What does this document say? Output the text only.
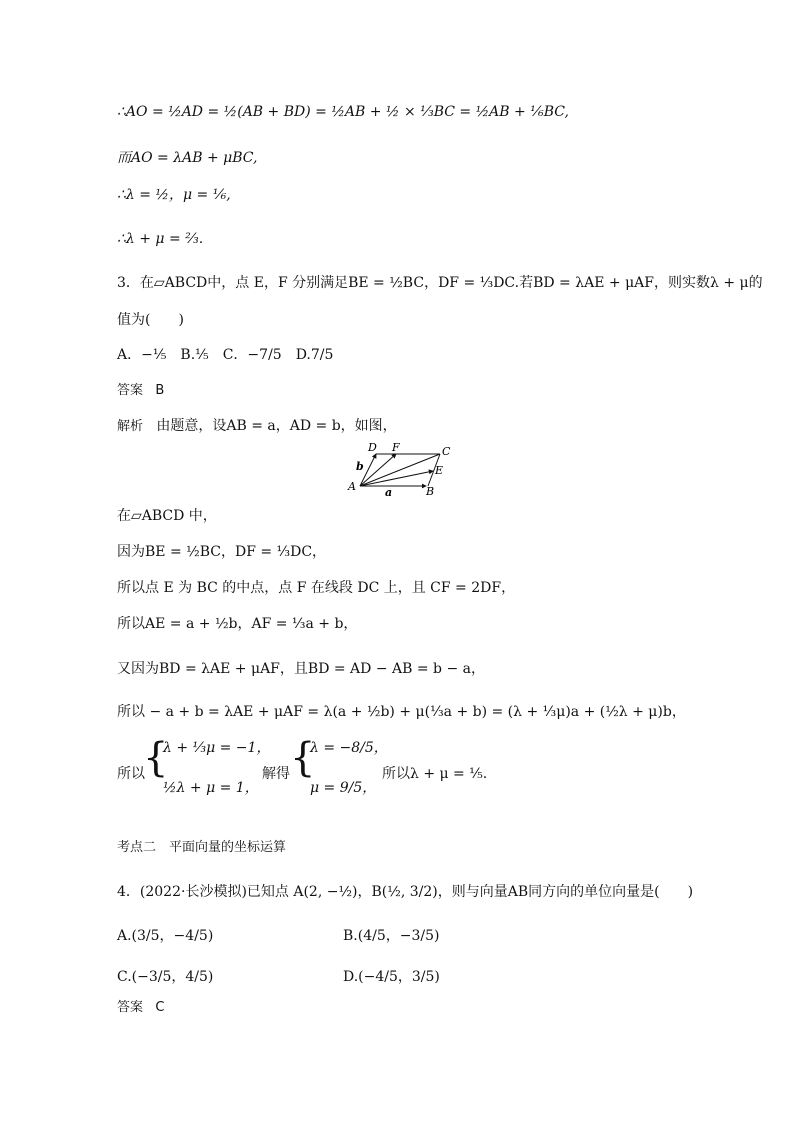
∴AO = ½AD = ½(AB + BD) = ½AB + ½ × ⅓BC = ½AB + ⅙BC,
而AO = λAB + μBC,
∴λ = ½，μ = ⅙,
∴λ + μ = ⅔.
3．在▱ABCD中，点 E，F 分别满足BE = ½BC，DF = ⅓DC.若BD = λAE + μAF，则实数λ + μ的
值为(　　)
A．−⅕　B.⅕　C．−7/5　D.7/5
答案 B
解析 由题意，设AB = a，AD = b，如图，
D F	C
E
A	B
a
b
在▱ABCD 中，
因为BE = ½BC，DF = ⅓DC，
所以点 E 为 BC 的中点，点 F 在线段 DC 上，且 CF = 2DF，
所以AE = a + ½b，AF = ⅓a + b，
又因为BD = λAE + μAF，且BD = AD − AB = b − a，
所以 − a + b = λAE + μAF = λ(a + ½b) + μ(⅓a + b) = (λ + ⅓μ)a + (½λ + μ)b，
所以
{
λ + ⅓μ = −1，
½λ + μ = 1，
解得 {
λ = −8/5，
μ = 9/5，
所以λ + μ = ⅕.
考点二　平面向量的坐标运算
4．(2022·长沙模拟)已知点 A(2, −½)，B(½, 3/2)，则与向量AB同方向的单位向量是(　　)
A.(3/5，−4/5)	B.(4/5，−3/5)
C.(−3/5，4/5)	D.(−4/5，3/5)
答案 C
